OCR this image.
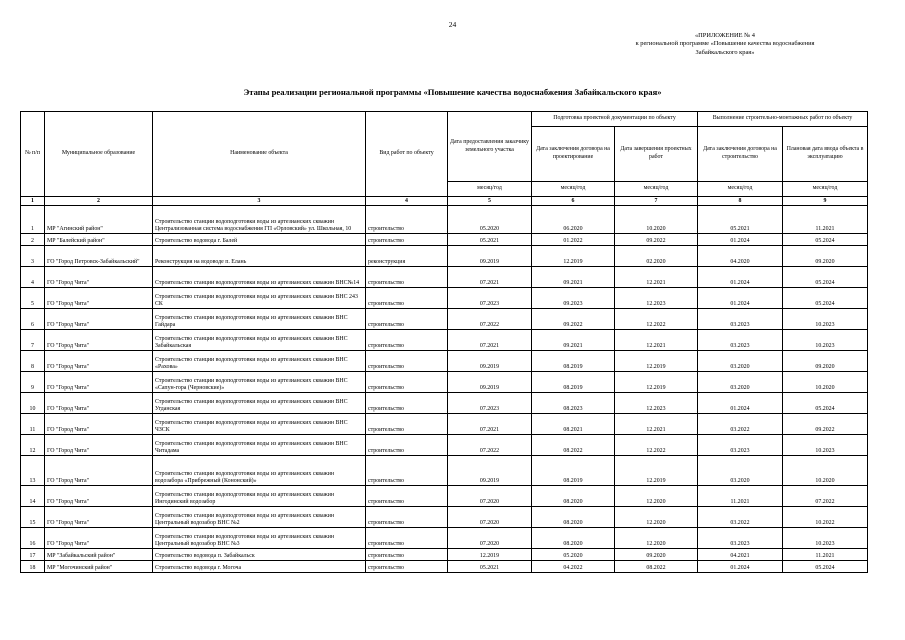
24
«ПРИЛОЖЕНИЕ № 4
к региональной программе «Повышение качества водоснабжения
Забайкальского края»
Этапы реализации региональной программы «Повышение качества водоснабжения Забайкальского края»
№ п/п	Муниципальное образование	Наименование объекта	Вид работ по объекту	Дата предоставления заказчику земельного участка	Подготовка проектной документации по объекту		Выполнение строительно-монтажных работ по объекту	
					Дата заключения договора на проектирование	Дата завершения проектных работ	Дата заключения договора на строительство	Плановая дата ввода объекта в эксплуатацию
				месяц/год	месяц/год	месяц/год	месяц/год	месяц/год
1	2	3	4	5	6	7	8	9
1	МР "Агинский район"	Строительство станции водоподготовки воды из артезианских скважин Централизованная система водоснабжения ГП «Орловский» ул. Школьная, 10	строительство	05.2020	06.2020	10.2020	05.2021	11.2021
2	МР "Балейский район"	Строительство водовода г. Балей	строительство	05.2021	01.2022	09.2022	01.2024	05.2024
3	ГО "Город Петровск-Забайкальский"	Реконструкция на водоводе п. Елань	реконструкция	09.2019	12.2019	02.2020	04.2020	09.2020
4	ГО "Город Чита"	Строительство станции водоподготовки воды из артезианских скважин ВНС№14	строительство	07.2021	09.2021	12.2021	01.2024	05.2024
5	ГО "Город Чита"	Строительство станции водоподготовки воды из артезианских скважин ВНС 243 СК	строительство	07.2023	09.2023	12.2023	01.2024	05.2024
6	ГО "Город Чита"	Строительство станции водоподготовки воды из артезианских скважин ВНС Гайдара	строительство	07.2022	09.2022	12.2022	03.2023	10.2023
7	ГО "Город Чита"	Строительство станции водоподготовки воды из артезианских скважин ВНС Забайкальская	строительство	07.2021	09.2021	12.2021	03.2023	10.2023
8	ГО "Город Чита"	Строительство станции водоподготовки воды из артезианских скважин ВНС «Рахова»	строительство	09.2019	08.2019	12.2019	03.2020	09.2020
9	ГО "Город Чита"	Строительство станции водоподготовки воды из артезианских скважин ВНС «Сапун-гора (Черновские)»	строительство	09.2019	08.2019	12.2019	03.2020	10.2020
10	ГО "Город Чита"	Строительство станции водоподготовки воды из артезианских скважин ВНС Угданская	строительство	07.2023	08.2023	12.2023	01.2024	05.2024
11	ГО "Город Чита"	Строительство станции водоподготовки воды из артезианских скважин ВНС ЧЗСК	строительство	07.2021	08.2021	12.2021	03.2022	09.2022
12	ГО "Город Чита"	Строительство станции водоподготовки воды из артезианских скважин ВНС Читадама	строительство	07.2022	08.2022	12.2022	03.2023	10.2023
13	ГО "Город Чита"	Строительство станции водоподготовки воды из артезианских скважин водозабора «Прибрежный (Кононский)»	строительство	09.2019	08.2019	12.2019	03.2020	10.2020
14	ГО "Город Чита"	Строительство станции водоподготовки воды из артезианских скважин Ингодинский водозабор	строительство	07.2020	08.2020	12.2020	11.2021	07.2022
15	ГО "Город Чита"	Строительство станции водоподготовки воды из артезианских скважин Центральный водозабор ВНС №2	строительство	07.2020	08.2020	12.2020	03.2022	10.2022
16	ГО "Город Чита"	Строительство станции водоподготовки воды из артезианских скважин Центральный водозабор ВНС №3	строительство	07.2020	08.2020	12.2020	03.2023	10.2023
17	МР "Забайкальский район"	Строительство водовода п. Забайкальск	строительство	12.2019	05.2020	09.2020	04.2021	11.2021
18	МР "Могочинский район"	Строительство водовода г. Могоча	строительство	05.2021	04.2022	08.2022	01.2024	05.2024
